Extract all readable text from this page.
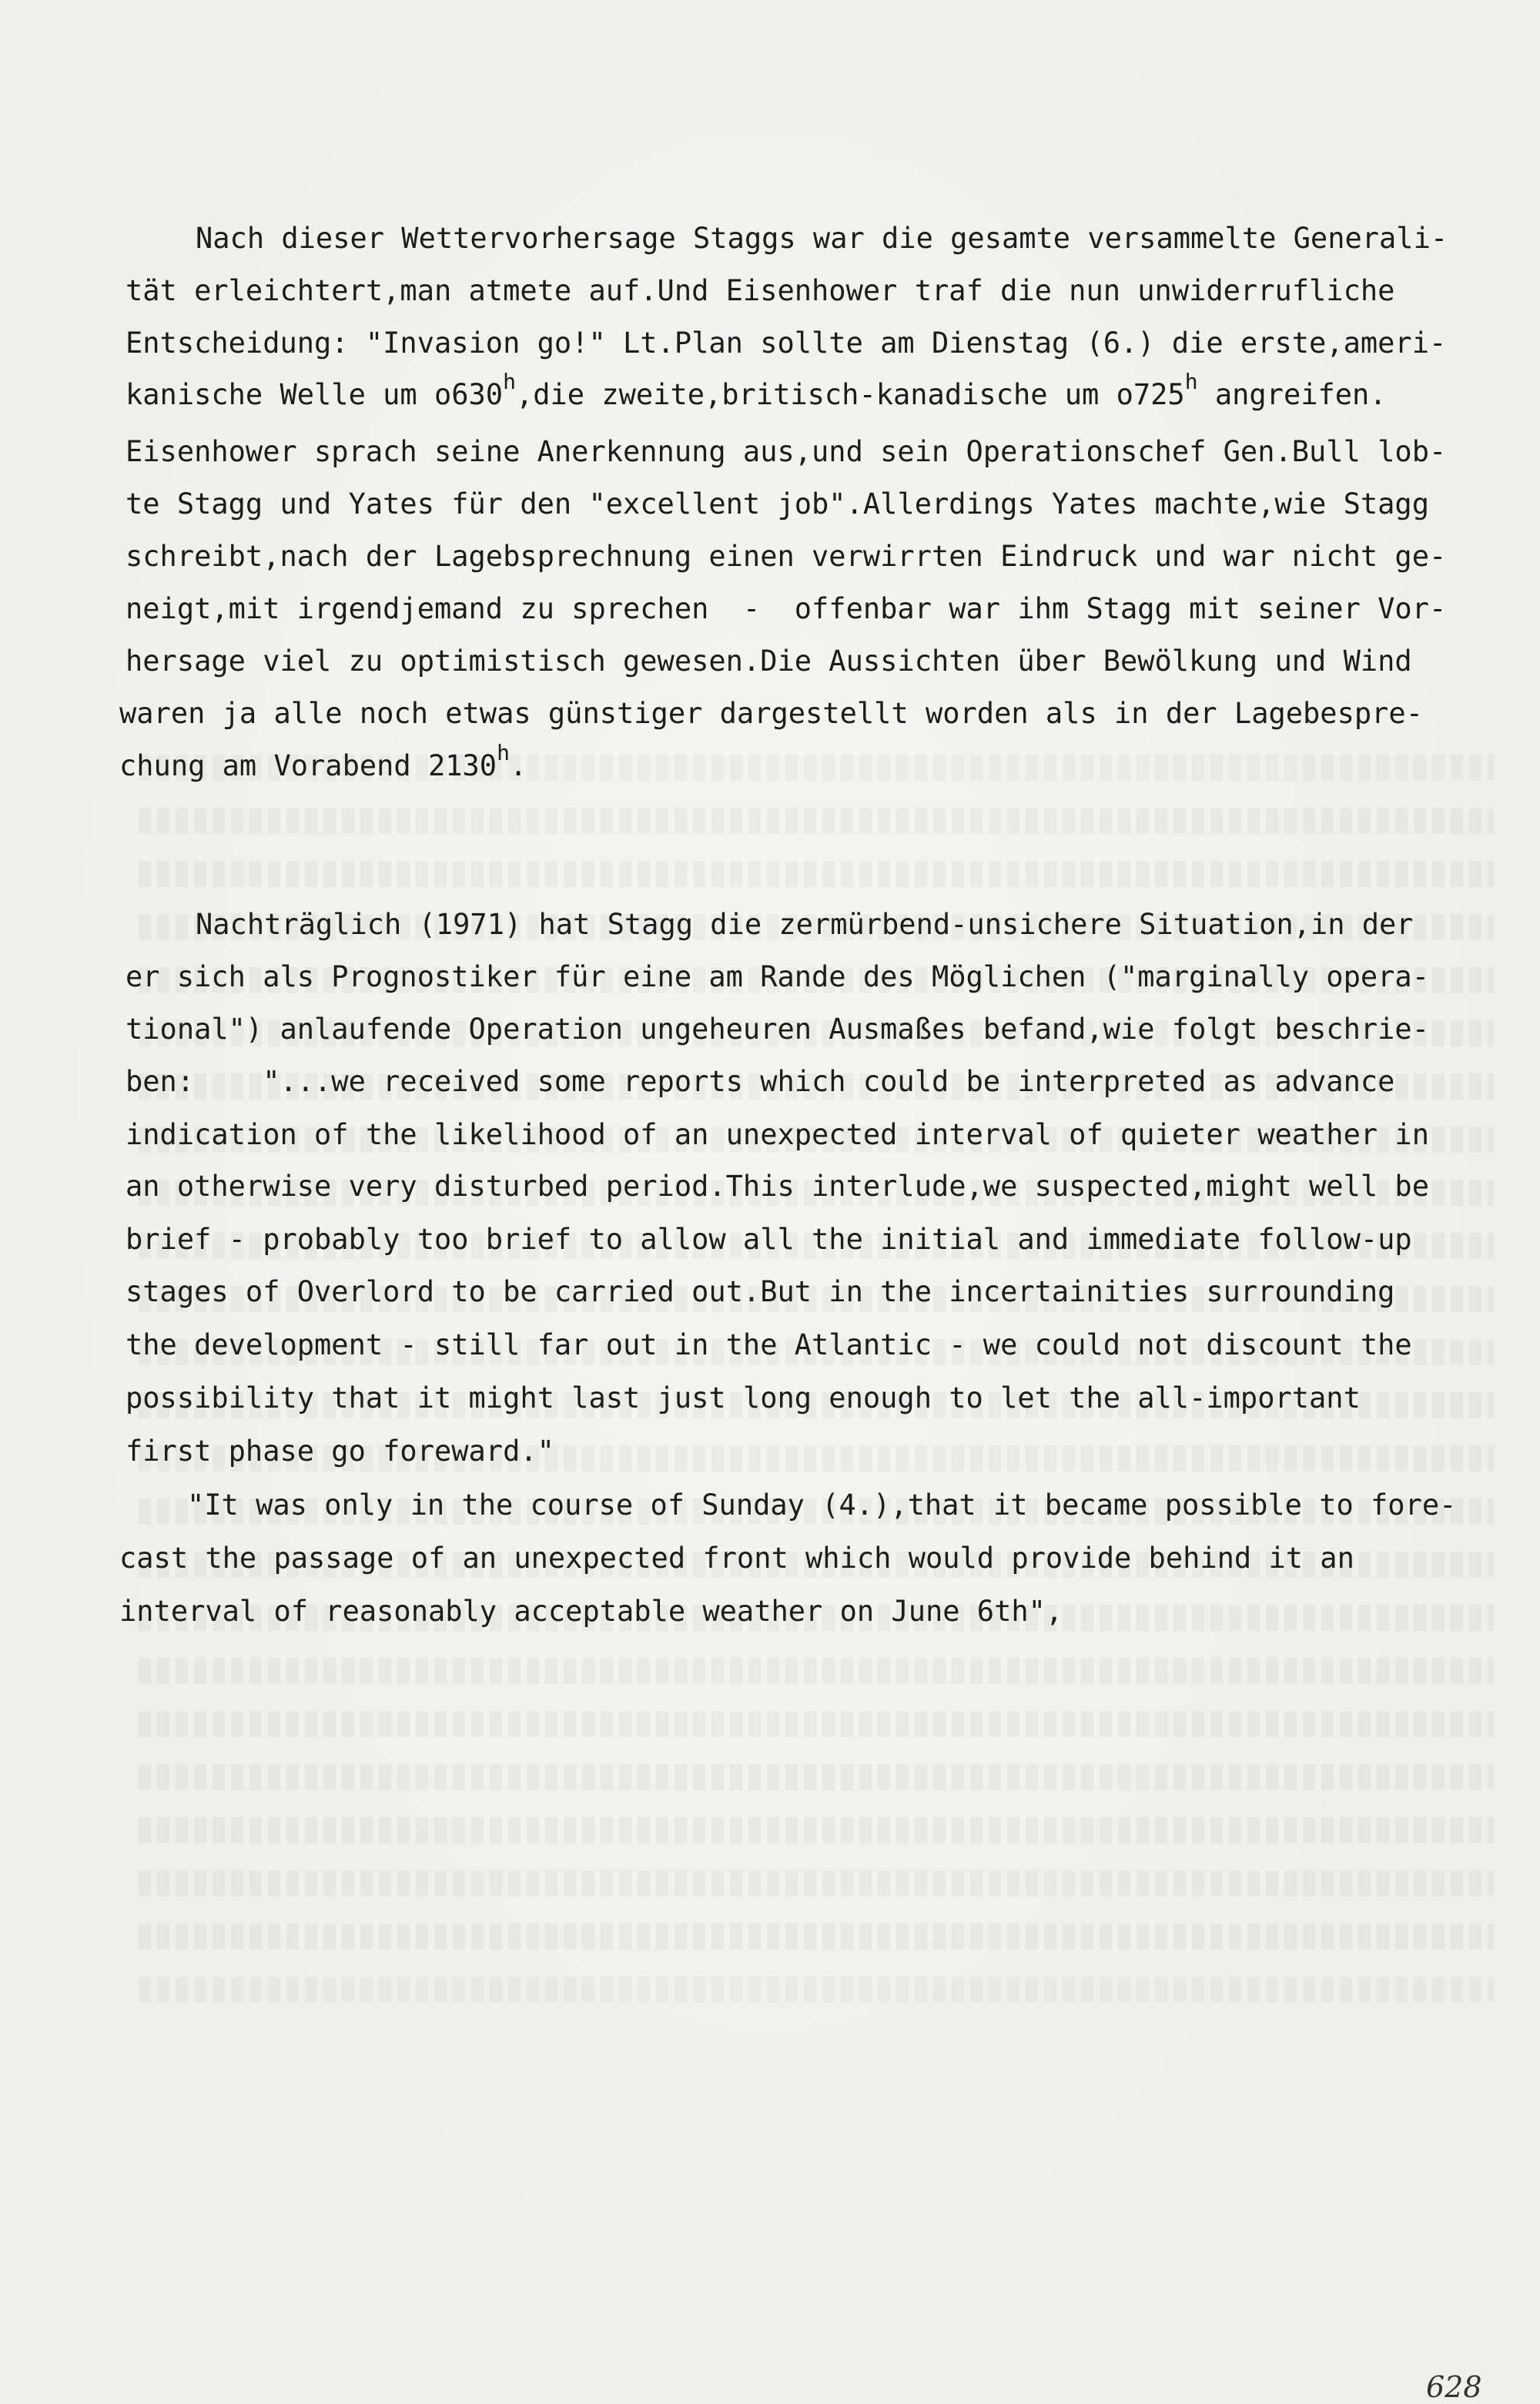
Nach dieser Wettervorhersage Staggs war die gesamte versammelte Generali-
tät erleichtert,man atmete auf.Und Eisenhower traf die nun unwiderrufliche
Entscheidung: "Invasion go!" Lt.Plan sollte am Dienstag (6.) die erste,ameri-
kanische Welle um o630$^h$,die zweite,britisch-kanadische um o725$^h$ angreifen.
Eisenhower sprach seine Anerkennung aus,und sein Operationschef Gen.Bull lob-
te Stagg und Yates für den "excellent job".Allerdings Yates machte,wie Stagg
schreibt,nach der Lagebsprechnung einen verwirrten Eindruck und war nicht ge-
neigt,mit irgendjemand zu sprechen  -  offenbar war ihm Stagg mit seiner Vor-
hersage viel zu optimistisch gewesen.Die Aussichten über Bewölkung und Wind
waren ja alle noch etwas günstiger dargestellt worden als in der Lagebespre-
chung am Vorabend 2130$^h$.
Nachträglich (1971) hat Stagg die zermürbend-unsichere Situation,in der
er sich als Prognostiker für eine am Rande des Möglichen ("marginally opera-
tional") anlaufende Operation ungeheuren Ausmaßes befand,wie folgt beschrie-
ben:    "...we received some reports which could be interpreted as advance
indication of the likelihood of an unexpected interval of quieter weather in
an otherwise very disturbed period.This interlude,we suspected,might well be
brief - probably too brief to allow all the initial and immediate follow-up
stages of Overlord to be carried out.But in the incertainities surrounding
the development - still far out in the Atlantic - we could not discount the
possibility that it might last just long enough to let the all-important
first phase go foreward."
"It was only in the course of Sunday (4.),that it became possible to fore-
cast the passage of an unexpected front which would provide behind it an
interval of reasonably acceptable weather on June 6th",
628
